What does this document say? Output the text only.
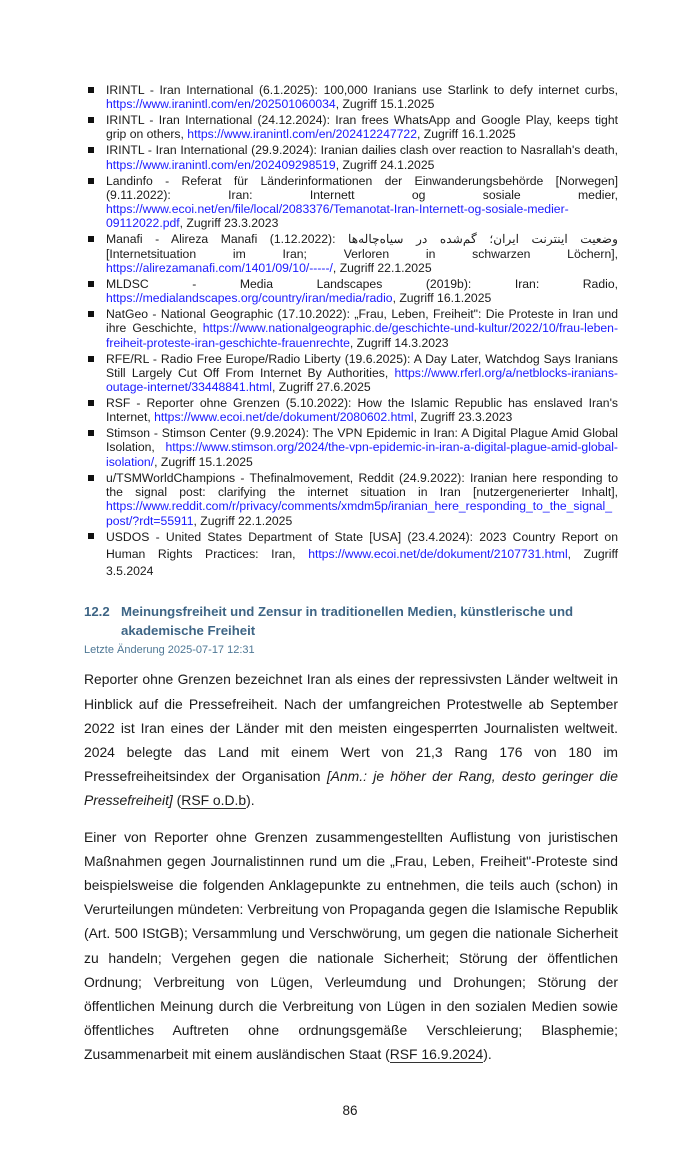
IRINTL - Iran International (6.1.2025): 100,000 Iranians use Starlink to defy internet curbs, https://www.iranintl.com/en/202501060034, Zugriff 15.1.2025
IRINTL - Iran International (24.12.2024): Iran frees WhatsApp and Google Play, keeps tight grip on others, https://www.iranintl.com/en/202412247722, Zugriff 16.1.2025
IRINTL - Iran International (29.9.2024): Iranian dailies clash over reaction to Nasrallah's death, https://www.iranintl.com/en/202409298519, Zugriff 24.1.2025
Landinfo - Referat für Länderinformationen der Einwanderungsbehörde [Norwegen] (9.11.2022): Iran: Internett og sosiale medier, https://www.ecoi.net/en/file/local/2083376/Temanotat-Iran-Internett-og-sosiale-medier-09112022.pdf, Zugriff 23.3.2023
Manafi - Alireza Manafi (1.12.2022): وضعیت اینترنت ایران؛ گم‌شده در سیاه‌چاله‌ها [Internetsituation im Iran; Verloren in schwarzen Löchern], https://alirezamanafi.com/1401/09/10/-----/, Zugriff 22.1.2025
MLDSC - Media Landscapes (2019b): Iran: Radio, https://medialandscapes.org/country/iran/media/radio, Zugriff 16.1.2025
NatGeo - National Geographic (17.10.2022): „Frau, Leben, Freiheit": Die Proteste in Iran und ihre Geschichte, https://www.nationalgeographic.de/geschichte-und-kultur/2022/10/frau-leben-freiheit-proteste-iran-geschichte-frauenrechte, Zugriff 14.3.2023
RFE/RL - Radio Free Europe/Radio Liberty (19.6.2025): A Day Later, Watchdog Says Iranians Still Largely Cut Off From Internet By Authorities, https://www.rferl.org/a/netblocks-iranians-outage-internet/33448841.html, Zugriff 27.6.2025
RSF - Reporter ohne Grenzen (5.10.2022): How the Islamic Republic has enslaved Iran's Internet, https://www.ecoi.net/de/dokument/2080602.html, Zugriff 23.3.2023
Stimson - Stimson Center (9.9.2024): The VPN Epidemic in Iran: A Digital Plague Amid Global Isolation, https://www.stimson.org/2024/the-vpn-epidemic-in-iran-a-digital-plague-amid-global-isolation/, Zugriff 15.1.2025
u/TSMWorldChampions - Thefinalmovement, Reddit (24.9.2022): Iranian here responding to the signal post: clarifying the internet situation in Iran [nutzergenerierter Inhalt], https://www.reddit.com/r/privacy/comments/xmdm5p/iranian_here_responding_to_the_signal_post/?rdt=55911, Zugriff 22.1.2025
USDOS - United States Department of State [USA] (23.4.2024): 2023 Country Report on Human Rights Practices: Iran, https://www.ecoi.net/de/dokument/2107731.html, Zugriff 3.5.2024
12.2 Meinungsfreiheit und Zensur in traditionellen Medien, künstlerische und akademische Freiheit
Letzte Änderung 2025-07-17 12:31

Reporter ohne Grenzen bezeichnet Iran als eines der repressivsten Länder weltweit in Hinblick auf die Pressefreiheit. Nach der umfangreichen Protestwelle ab September 2022 ist Iran eines der Länder mit den meisten eingesperrten Journalisten weltweit. 2024 belegte das Land mit einem Wert von 21,3 Rang 176 von 180 im Pressefreiheitsindex der Organisation [Anm.: je höher der Rang, desto geringer die Pressefreiheit] (RSF o.D.b).

Einer von Reporter ohne Grenzen zusammengestellten Auflistung von juristischen Maßnahmen gegen Journalistinnen rund um die „Frau, Leben, Freiheit"-Proteste sind beispielsweise die folgenden Anklagepunkte zu entnehmen, die teils auch (schon) in Verurteilungen mündeten: Verbreitung von Propaganda gegen die Islamische Republik (Art. 500 IStGB); Versammlung und Verschwörung, um gegen die nationale Sicherheit zu handeln; Vergehen gegen die nationale Sicherheit; Störung der öffentlichen Ordnung; Verbreitung von Lügen, Verleumdung und Drohungen; Störung der öffentlichen Meinung durch die Verbreitung von Lügen in den sozialen Medien sowie öffentliches Auftreten ohne ordnungsgemäße Verschleierung; Blasphemie; Zusammenarbeit mit einem ausländischen Staat (RSF 16.9.2024).

86
